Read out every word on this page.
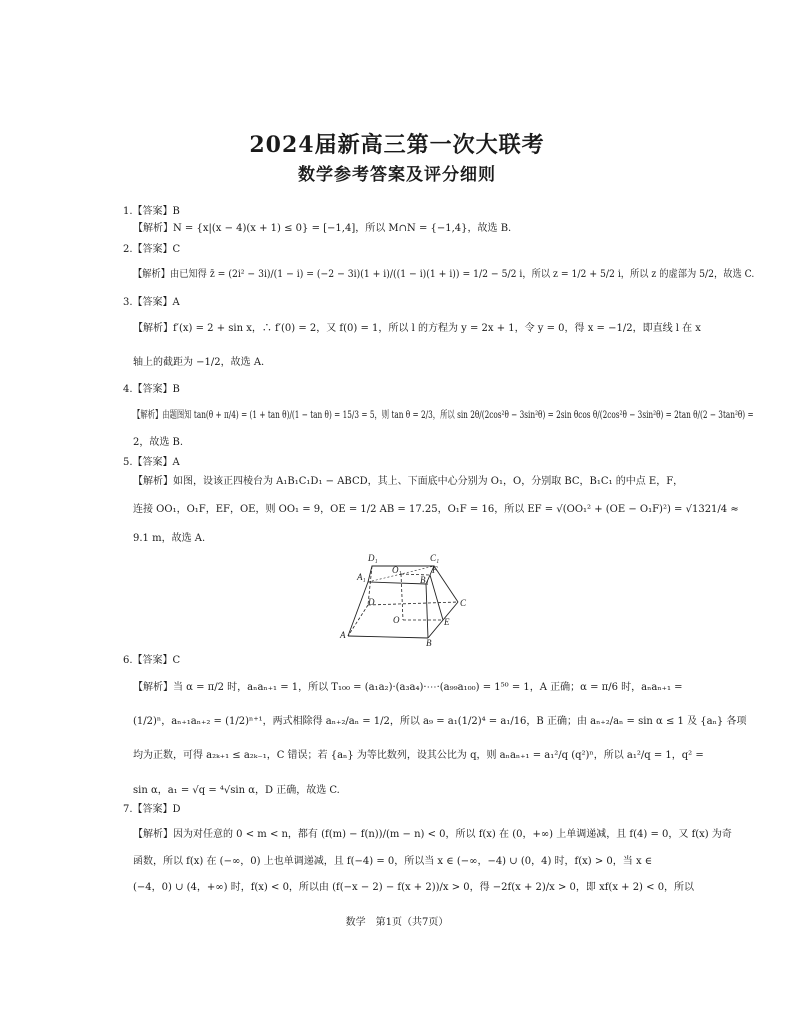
2024届新高三第一次大联考
数学参考答案及评分细则
1.【答案】B
【解析】N = {x|(x − 4)(x + 1) ≤ 0} = [−1,4]，所以 M∩N = {−1,4}，故选 B.
2.【答案】C
【解析】由已知得 z̄ = (2i² − 3i)/(1 − i) = (−2 − 3i)(1 + i)/((1 − i)(1 + i)) = 1/2 − 5/2 i，所以 z = 1/2 + 5/2 i，所以 z 的虚部为 5/2，故选 C.
3.【答案】A
【解析】f′(x) = 2 + sin x，∴ f′(0) = 2，又 f(0) = 1，所以 l 的方程为 y = 2x + 1，令 y = 0，得 x = −1/2，即直线 l 在 x
轴上的截距为 −1/2，故选 A.
4.【答案】B
【解析】由题图知 tan(θ + π/4) = (1 + tan θ)/(1 − tan θ) = 15/3 = 5，则 tan θ = 2/3，所以 sin 2θ/(2cos²θ − 3sin²θ) = 2sin θcos θ/(2cos²θ − 3sin²θ) = 2tan θ/(2 − 3tan²θ) =
2，故选 B.
5.【答案】A
【解析】如图，设该正四棱台为 A₁B₁C₁D₁ − ABCD，其上、下面底中心分别为 O₁，O，分别取 BC，B₁C₁ 的中点 E，F，
连接 OO₁，O₁F，EF，OE，则 OO₁ = 9，OE = 1/2 AB = 17.25，O₁F = 16，所以 EF = √(OO₁² + (OE − O₁F)²) = √1321/4 ≈
9.1 m，故选 A.
D₁	C₁
A₁
O₁	F
B₁
D	C
O	E
A
B
6.【答案】C
【解析】当 α = π/2 时，aₙaₙ₊₁ = 1，所以 T₁₀₀ = (a₁a₂)·(a₃a₄)·⋯·(a₉₉a₁₀₀) = 1⁵⁰ = 1，A 正确；α = π/6 时，aₙaₙ₊₁ =
(1/2)ⁿ，aₙ₊₁aₙ₊₂ = (1/2)ⁿ⁺¹，两式相除得 aₙ₊₂/aₙ = 1/2，所以 a₉ = a₁(1/2)⁴ = a₁/16，B 正确；由 aₙ₊₂/aₙ = sin α ≤ 1 及 {aₙ} 各项
均为正数，可得 a₂ₖ₊₁ ≤ a₂ₖ₋₁，C 错误；若 {aₙ} 为等比数列，设其公比为 q，则 aₙaₙ₊₁ = a₁²/q (q²)ⁿ，所以 a₁²/q = 1，q² =
sin α，a₁ = √q = ⁴√sin α，D 正确，故选 C.
7.【答案】D
【解析】因为对任意的 0 < m < n，都有 (f(m) − f(n))/(m − n) < 0，所以 f(x) 在 (0，+∞) 上单调递减，且 f(4) = 0，又 f(x) 为奇
函数，所以 f(x) 在 (−∞，0) 上也单调递减，且 f(−4) = 0，所以当 x ∈ (−∞，−4) ∪ (0，4) 时，f(x) > 0，当 x ∈
(−4，0) ∪ (4，+∞) 时，f(x) < 0，所以由 (f(−x − 2) − f(x + 2))/x > 0，得 −2f(x + 2)/x > 0，即 xf(x + 2) < 0，所以
数学　第1页（共7页）
